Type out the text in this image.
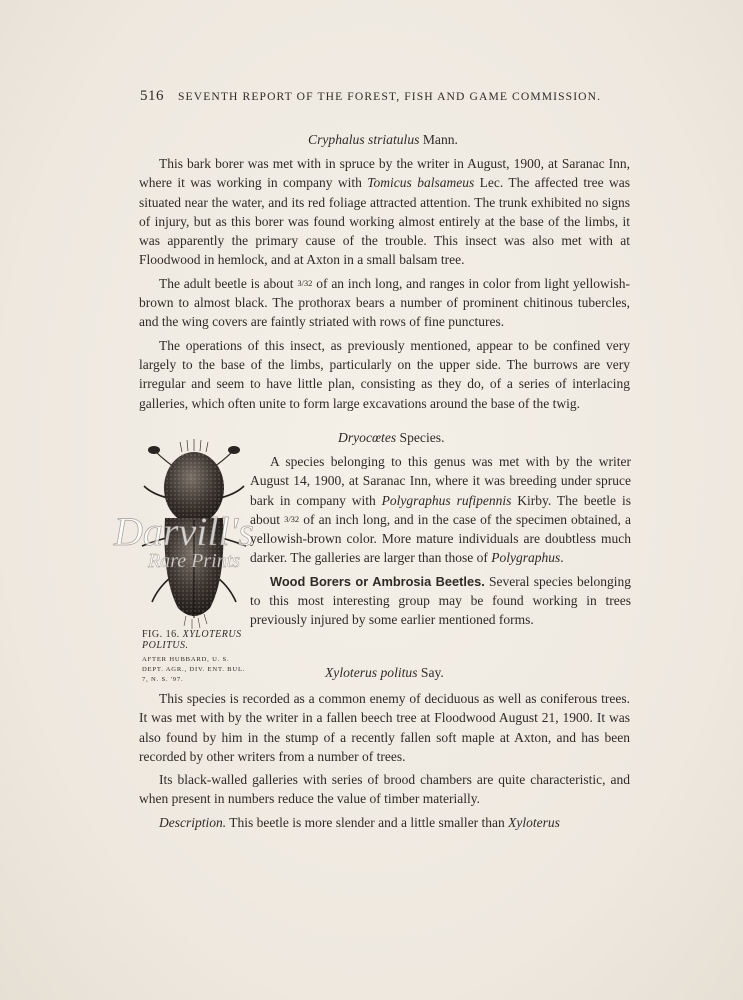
516 SEVENTH REPORT OF THE FOREST, FISH AND GAME COMMISSION.
Cryphalus striatulus Mann.

This bark borer was met with in spruce by the writer in August, 1900, at Saranac Inn, where it was working in company with Tomicus balsameus Lec. The affected tree was situated near the water, and its red foliage attracted attention. The trunk exhibited no signs of injury, but as this borer was found working almost entirely at the base of the limbs, it was apparently the primary cause of the trouble. This insect was also met with at Floodwood in hemlock, and at Axton in a small balsam tree.

The adult beetle is about 3/32 of an inch long, and ranges in color from light yellowish-brown to almost black. The prothorax bears a number of prominent chitinous tubercles, and the wing covers are faintly striated with rows of fine punctures.

The operations of this insect, as previously mentioned, appear to be confined very largely to the base of the limbs, particularly on the upper side. The burrows are very irregular and seem to have little plan, consisting as they do, of a series of interlacing galleries, which often unite to form large excavations around the base of the twig.

Dryocœtes Species.
Darvill's
Rare Prints

A species belonging to this genus was met with by the writer August 14, 1900, at Saranac Inn, where it was breeding under spruce bark in company with Polygraphus rufipennis Kirby. The beetle is about 3/32 of an inch long, and in the case of the specimen obtained, a yellowish-brown color. More mature individuals are doubtless much darker. The galleries are larger than those of Polygraphus.

Wood Borers or Ambrosia Beetles. Several species belonging to this most interesting group may be found working in trees previously injured by some earlier mentioned forms.

FIG. 16. XYLOTERUS POLITUS.
AFTER HUBBARD, U. S. DEPT. AGR., DIV. ENT. BUL. 7, N. S. '97.	Xyloterus politus Say.

This species is recorded as a common enemy of deciduous as well as coniferous trees. It was met with by the writer in a fallen beech tree at Floodwood August 21, 1900. It was also found by him in the stump of a recently fallen soft maple at Axton, and has been recorded by other writers from a number of trees.

Its black-walled galleries with series of brood chambers are quite characteristic, and when present in numbers reduce the value of timber materially.

Description. This beetle is more slender and a little smaller than Xyloterus
